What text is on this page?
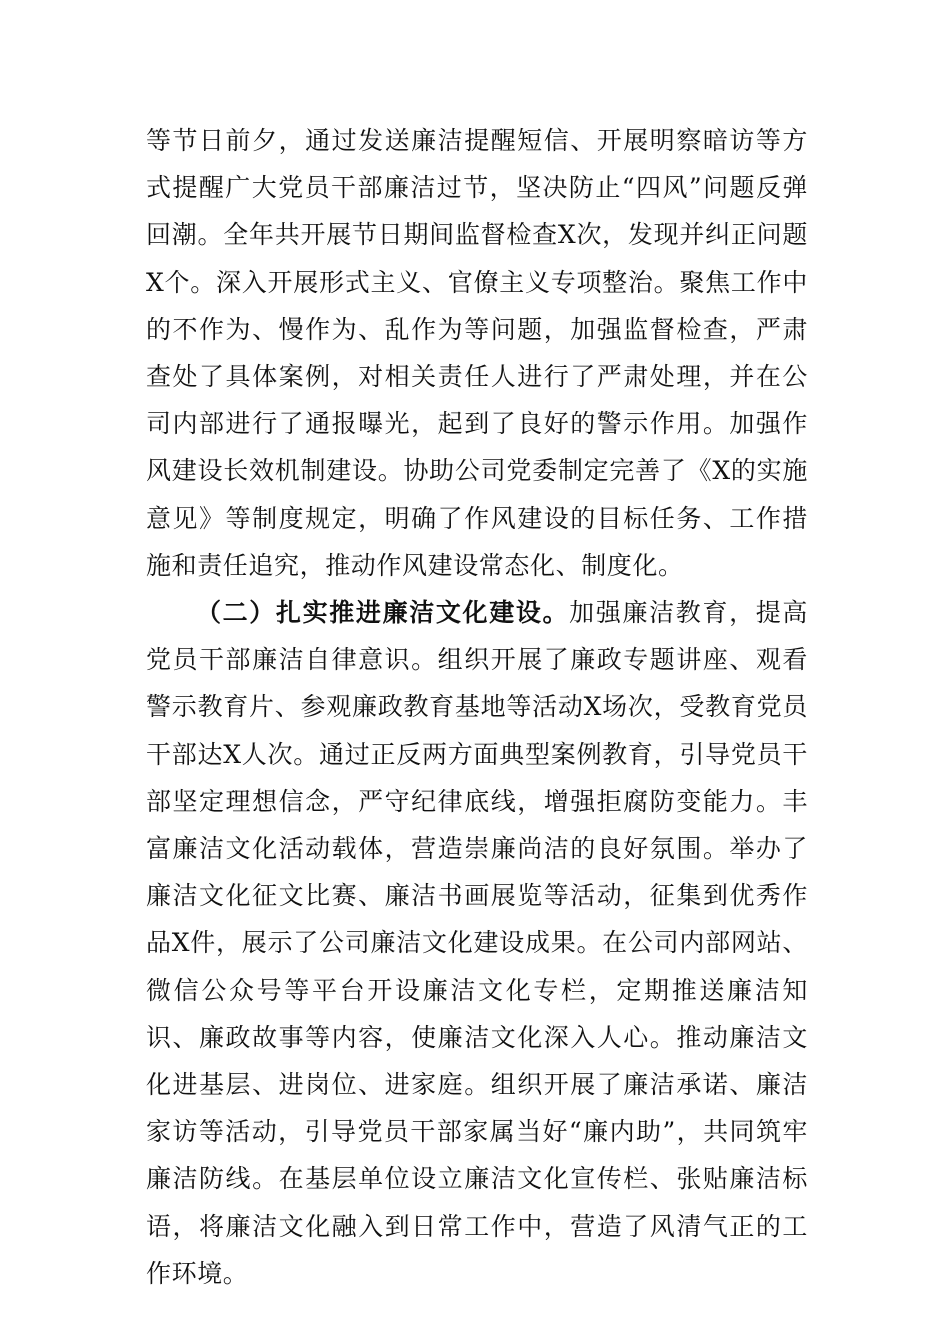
等节日前夕，通过发送廉洁提醒短信、开展明察暗访等方式提醒广大党员干部廉洁过节，坚决防止“四风”问题反弹回潮。全年共开展节日期间监督检查X次，发现并纠正问题X个。深入开展形式主义、官僚主义专项整治。聚焦工作中的不作为、慢作为、乱作为等问题，加强监督检查，严肃查处了具体案例，对相关责任人进行了严肃处理，并在公司内部进行了通报曝光，起到了良好的警示作用。加强作风建设长效机制建设。协助公司党委制定完善了《X的实施意见》等制度规定，明确了作风建设的目标任务、工作措施和责任追究，推动作风建设常态化、制度化。

（二）扎实推进廉洁文化建设。加强廉洁教育，提高党员干部廉洁自律意识。组织开展了廉政专题讲座、观看警示教育片、参观廉政教育基地等活动X场次，受教育党员干部达X人次。通过正反两方面典型案例教育，引导党员干部坚定理想信念，严守纪律底线，增强拒腐防变能力。丰富廉洁文化活动载体，营造崇廉尚洁的良好氛围。举办了廉洁文化征文比赛、廉洁书画展览等活动，征集到优秀作品X件，展示了公司廉洁文化建设成果。在公司内部网站、微信公众号等平台开设廉洁文化专栏，定期推送廉洁知识、廉政故事等内容，使廉洁文化深入人心。推动廉洁文化进基层、进岗位、进家庭。组织开展了廉洁承诺、廉洁家访等活动，引导党员干部家属当好“廉内助”，共同筑牢廉洁防线。在基层单位设立廉洁文化宣传栏、张贴廉洁标语，将廉洁文化融入到日常工作中，营造了风清气正的工作环境。
